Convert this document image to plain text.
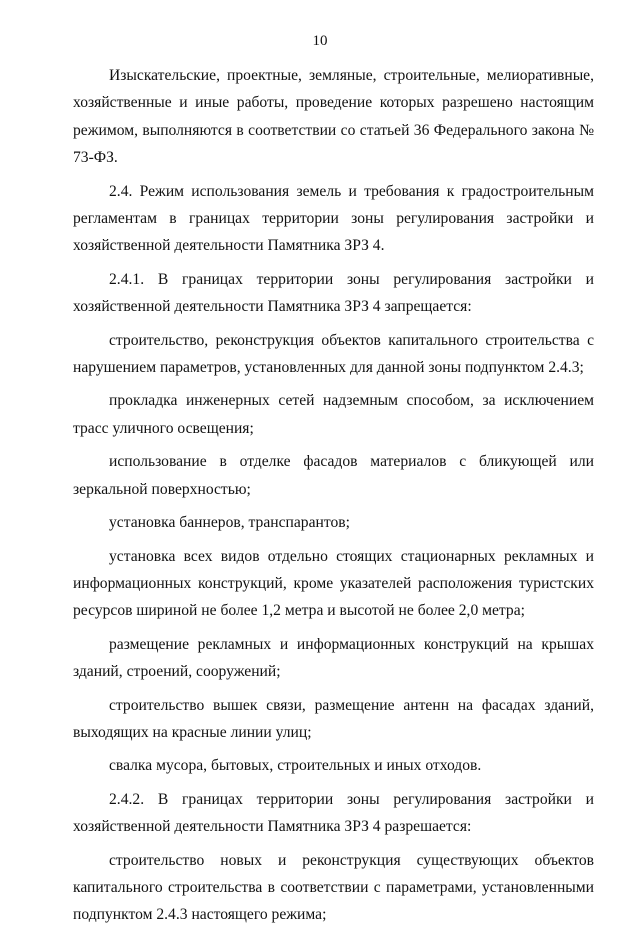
10

Изыскательские, проектные, земляные, строительные, мелиоративные, хозяйственные и иные работы, проведение которых разрешено настоящим режимом, выполняются в соответствии со статьей 36 Федерального закона № 73-ФЗ.

2.4. Режим использования земель и требования к градостроительным регламентам в границах территории зоны регулирования застройки и хозяйственной деятельности Памятника ЗРЗ 4.

2.4.1. В границах территории зоны регулирования застройки и хозяйственной деятельности Памятника ЗРЗ 4 запрещается:

строительство, реконструкция объектов капитального строительства с нарушением параметров, установленных для данной зоны подпунктом 2.4.3;

прокладка инженерных сетей надземным способом, за исключением трасс уличного освещения;

использование в отделке фасадов материалов с бликующей или зеркальной поверхностью;

установка баннеров, транспарантов;

установка всех видов отдельно стоящих стационарных рекламных и информационных конструкций, кроме указателей расположения туристских ресурсов шириной не более 1,2 метра и высотой не более 2,0 метра;

размещение рекламных и информационных конструкций на крышах зданий, строений, сооружений;

строительство вышек связи, размещение антенн на фасадах зданий, выходящих на красные линии улиц;

свалка мусора, бытовых, строительных и иных отходов.

2.4.2. В границах территории зоны регулирования застройки и хозяйственной деятельности Памятника ЗРЗ 4 разрешается:

строительство новых и реконструкция существующих объектов капитального строительства в соответствии с параметрами, установленными подпунктом 2.4.3 настоящего режима;
